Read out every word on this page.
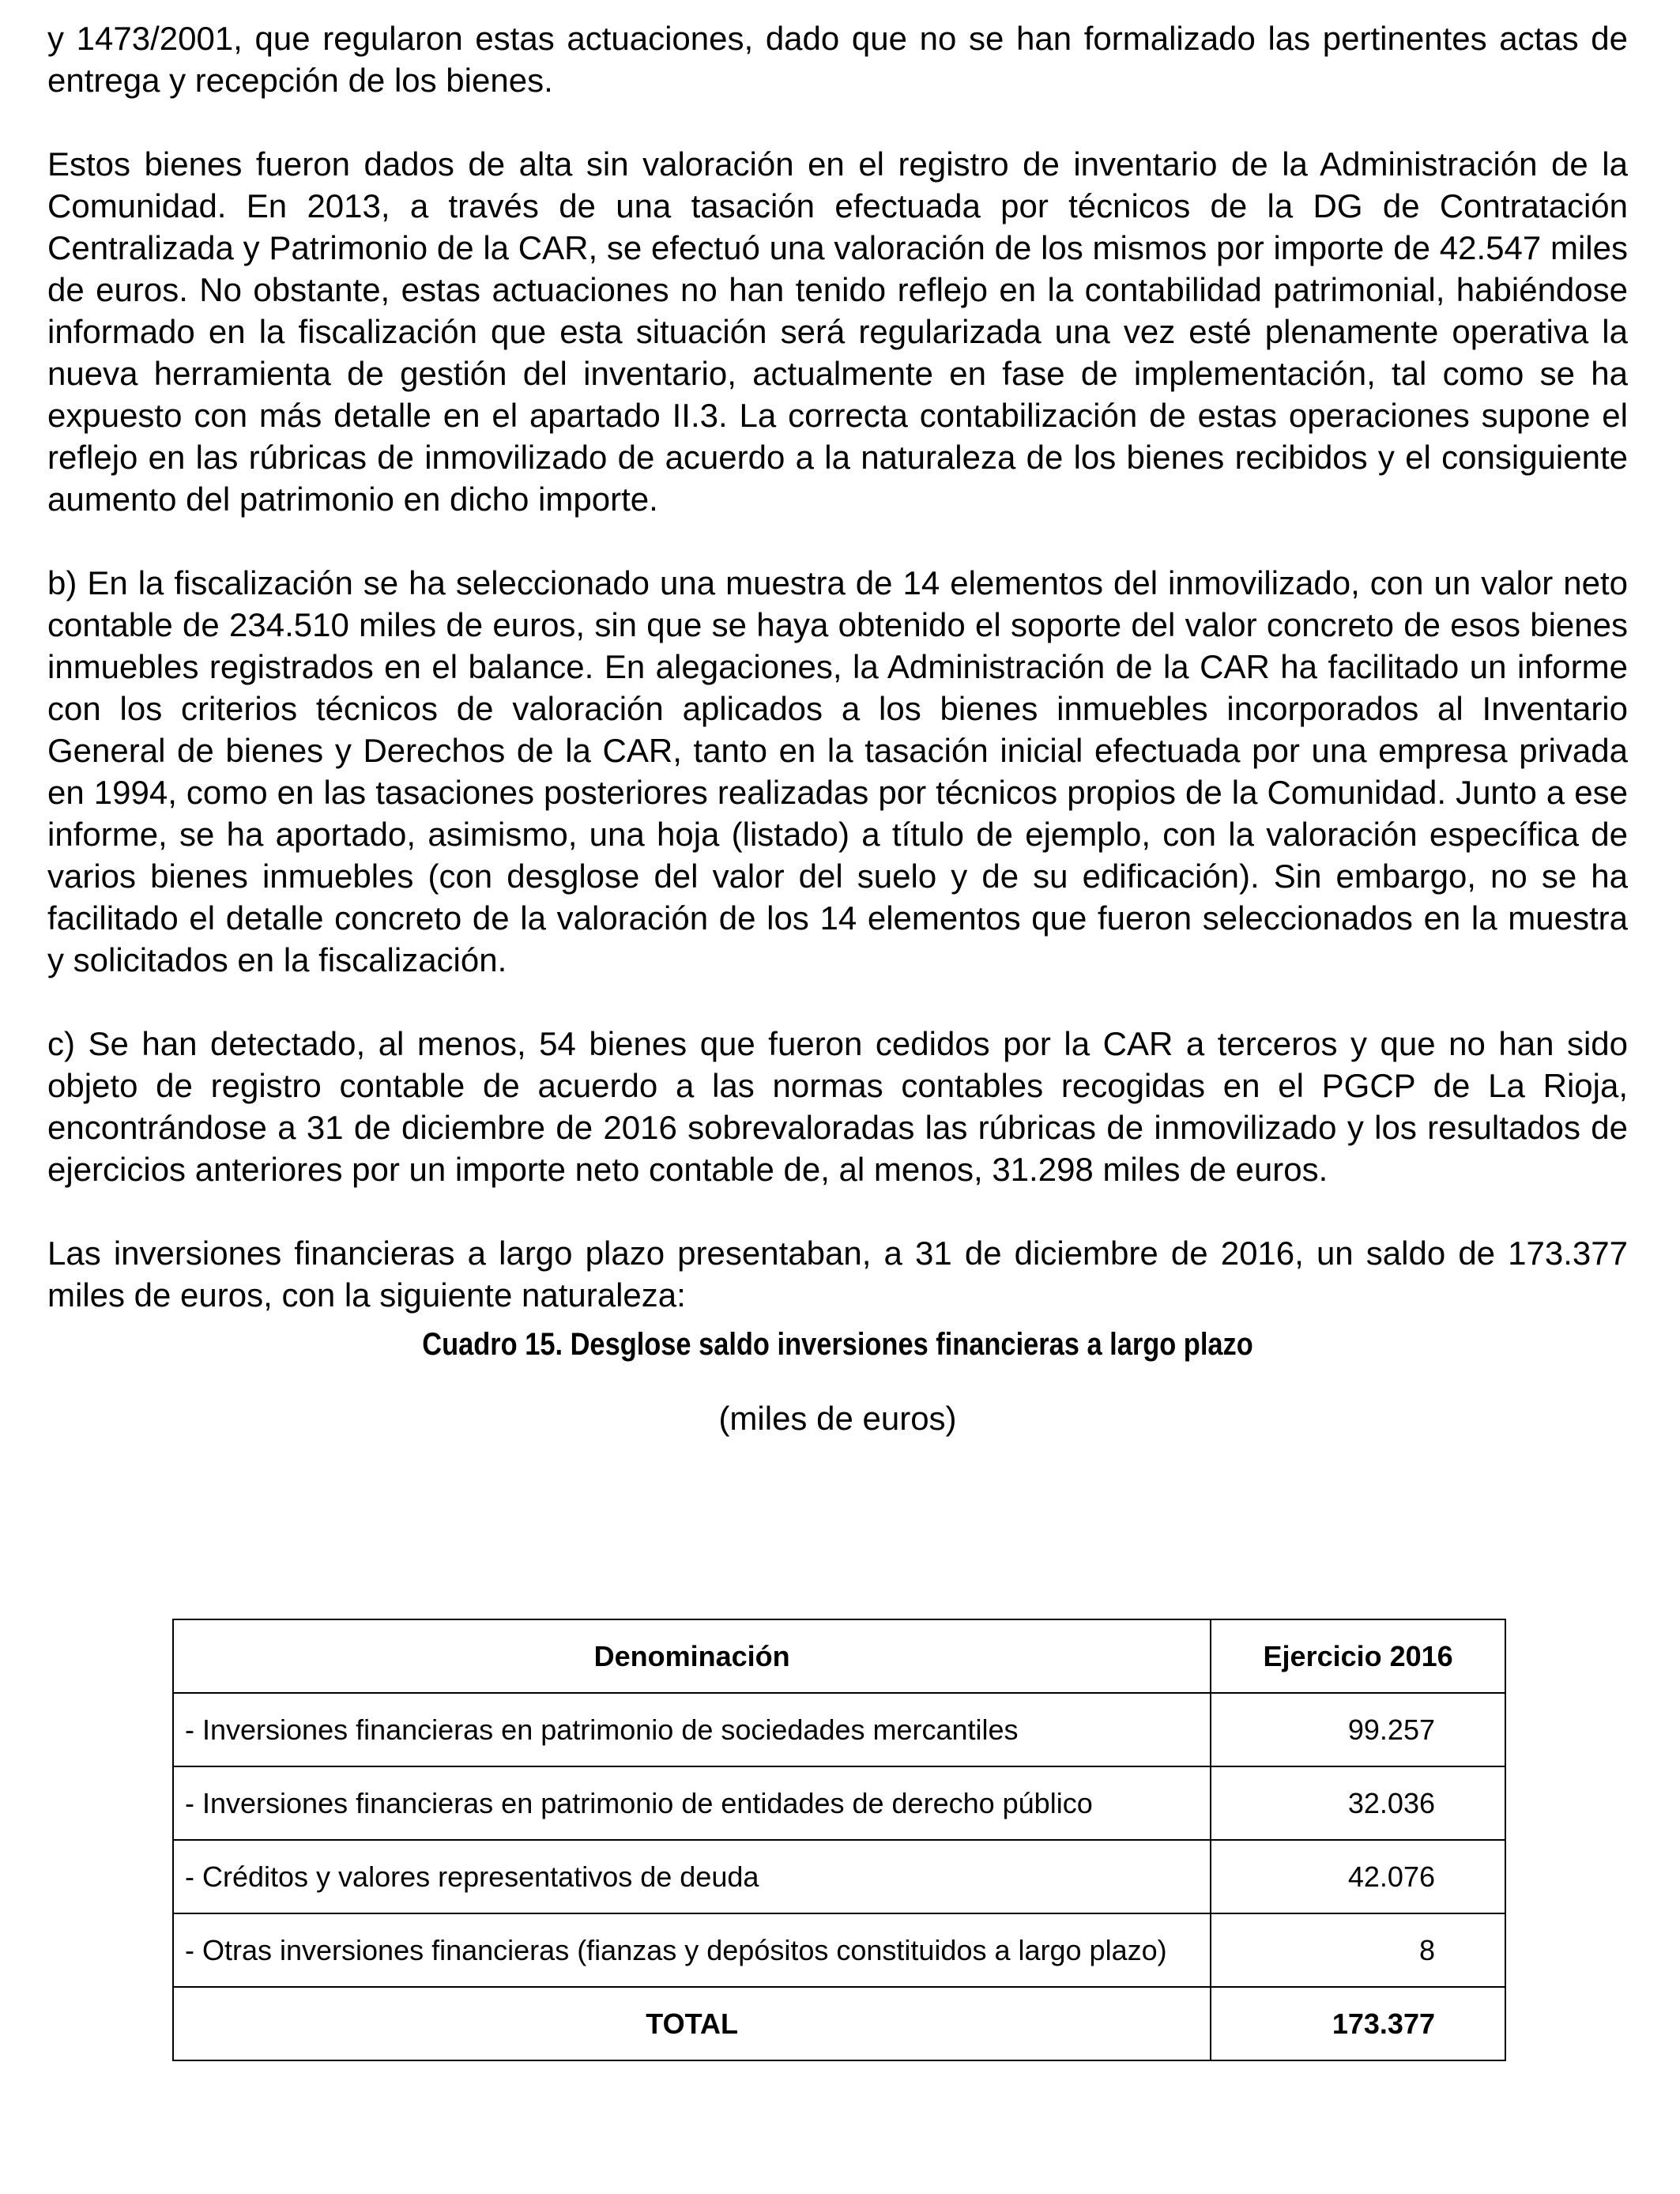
y 1473/2001, que regularon estas actuaciones, dado que no se han formalizado las pertinentes actas de entrega y recepción de los bienes.

Estos bienes fueron dados de alta sin valoración en el registro de inventario de la Administración de la Comunidad. En 2013, a través de una tasación efectuada por técnicos de la DG de Contratación Centralizada y Patrimonio de la CAR, se efectuó una valoración de los mismos por importe de 42.547 miles de euros. No obstante, estas actuaciones no han tenido reflejo en la contabilidad patrimonial, habiéndose informado en la fiscalización que esta situación será regularizada una vez esté plenamente operativa la nueva herramienta de gestión del inventario, actualmente en fase de implementación, tal como se ha expuesto con más detalle en el apartado II.3. La correcta contabilización de estas operaciones supone el reflejo en las rúbricas de inmovilizado de acuerdo a la naturaleza de los bienes recibidos y el consiguiente aumento del patrimonio en dicho importe.

b) En la fiscalización se ha seleccionado una muestra de 14 elementos del inmovilizado, con un valor neto contable de 234.510 miles de euros, sin que se haya obtenido el soporte del valor concreto de esos bienes inmuebles registrados en el balance. En alegaciones, la Administración de la CAR ha facilitado un informe con los criterios técnicos de valoración aplicados a los bienes inmuebles incorporados al Inventario General de bienes y Derechos de la CAR, tanto en la tasación inicial efectuada por una empresa privada en 1994, como en las tasaciones posteriores realizadas por técnicos propios de la Comunidad. Junto a ese informe, se ha aportado, asimismo, una hoja (listado) a título de ejemplo, con la valoración específica de varios bienes inmuebles (con desglose del valor del suelo y de su edificación). Sin embargo, no se ha facilitado el detalle concreto de la valoración de los 14 elementos que fueron seleccionados en la muestra y solicitados en la fiscalización.

c) Se han detectado, al menos, 54 bienes que fueron cedidos por la CAR a terceros y que no han sido objeto de registro contable de acuerdo a las normas contables recogidas en el PGCP de La Rioja, encontrándose a 31 de diciembre de 2016 sobrevaloradas las rúbricas de inmovilizado y los resultados de ejercicios anteriores por un importe neto contable de, al menos, 31.298 miles de euros.

Las inversiones financieras a largo plazo presentaban, a 31 de diciembre de 2016, un saldo de 173.377 miles de euros, con la siguiente naturaleza:

Cuadro 15. Desglose saldo inversiones financieras a largo plazo
(miles de euros)
Denominación	Ejercicio 2016
- Inversiones financieras en patrimonio de sociedades mercantiles	99.257
- Inversiones financieras en patrimonio de entidades de derecho público	32.036
- Créditos y valores representativos de deuda	42.076
- Otras inversiones financieras (fianzas y depósitos constituidos a largo plazo)	8
TOTAL	173.377
